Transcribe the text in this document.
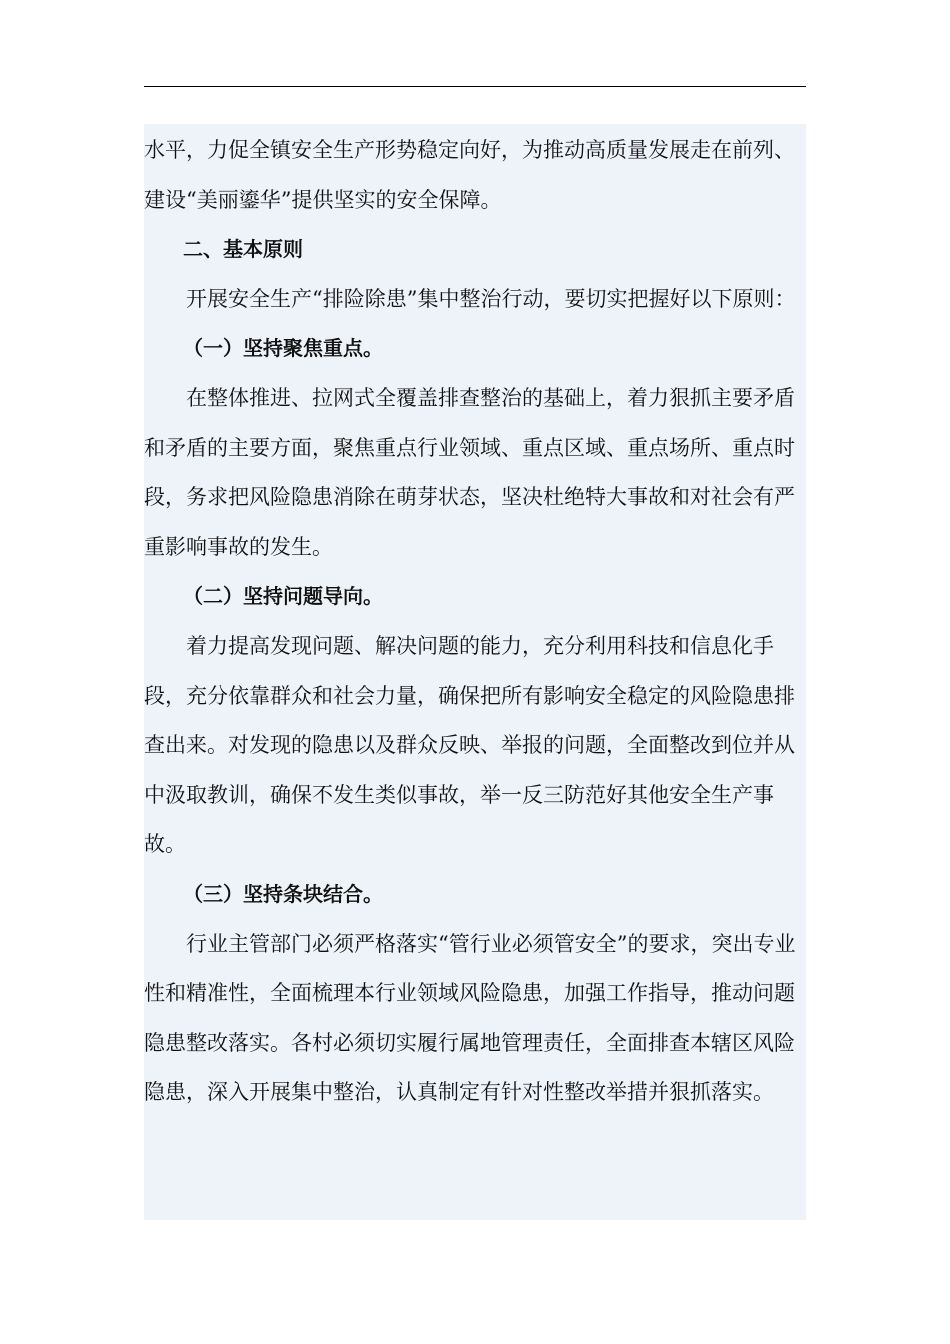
水平，力促全镇安全生产形势稳定向好，为推动高质量发展走在前列、建设“美丽鎏华”提供坚实的安全保障。

二、基本原则

开展安全生产“排险除患”集中整治行动，要切实把握好以下原则：

（一）坚持聚焦重点。

在整体推进、拉网式全覆盖排查整治的基础上，着力狠抓主要矛盾和矛盾的主要方面，聚焦重点行业领域、重点区域、重点场所、重点时段，务求把风险隐患消除在萌芽状态，坚决杜绝特大事故和对社会有严重影响事故的发生。

（二）坚持问题导向。

着力提高发现问题、解决问题的能力，充分利用科技和信息化手段，充分依靠群众和社会力量，确保把所有影响安全稳定的风险隐患排查出来。对发现的隐患以及群众反映、举报的问题，全面整改到位并从中汲取教训，确保不发生类似事故，举一反三防范好其他安全生产事故。

（三）坚持条块结合。

行业主管部门必须严格落实“管行业必须管安全”的要求，突出专业性和精准性，全面梳理本行业领域风险隐患，加强工作指导，推动问题隐患整改落实。各村必须切实履行属地管理责任，全面排查本辖区风险隐患，深入开展集中整治，认真制定有针对性整改举措并狠抓落实。
